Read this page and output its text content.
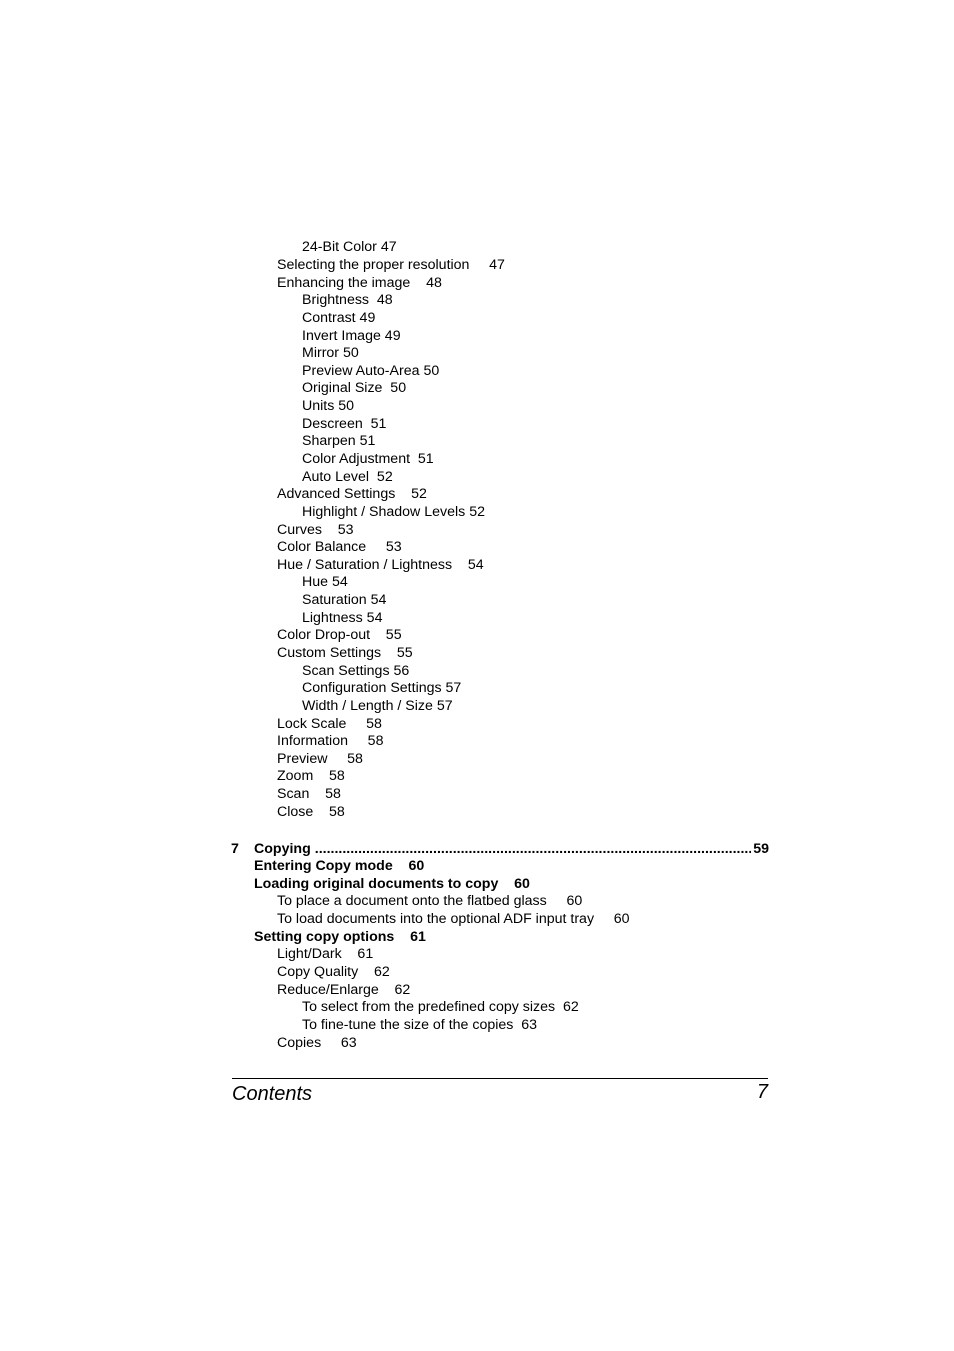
24-Bit Color 47

Selecting the proper resolution     47

Enhancing the image    48

Brightness  48

Contrast 49

Invert Image 49

Mirror 50

Preview Auto-Area 50

Original Size  50

Units 50

Descreen  51

Sharpen 51

Color Adjustment  51

Auto Level  52

Advanced Settings    52

Highlight / Shadow Levels 52

Curves    53

Color Balance     53

Hue / Saturation / Lightness    54

Hue 54

Saturation 54

Lightness 54

Color Drop-out    55

Custom Settings    55

Scan Settings 56

Configuration Settings 57

Width / Length / Size 57

Lock Scale     58

Information     58

Preview     58

Zoom    58

Scan    58

Close    58

7	Copying
.....	59

Entering Copy mode    60

Loading original documents to copy    60

To place a document onto the flatbed glass     60

To load documents into the optional ADF input tray     60

Setting copy options    61

Light/Dark    61

Copy Quality    62

Reduce/Enlarge    62

To select from the predefined copy sizes  62

To fine-tune the size of the copies  63

Copies     63

Contents	7
